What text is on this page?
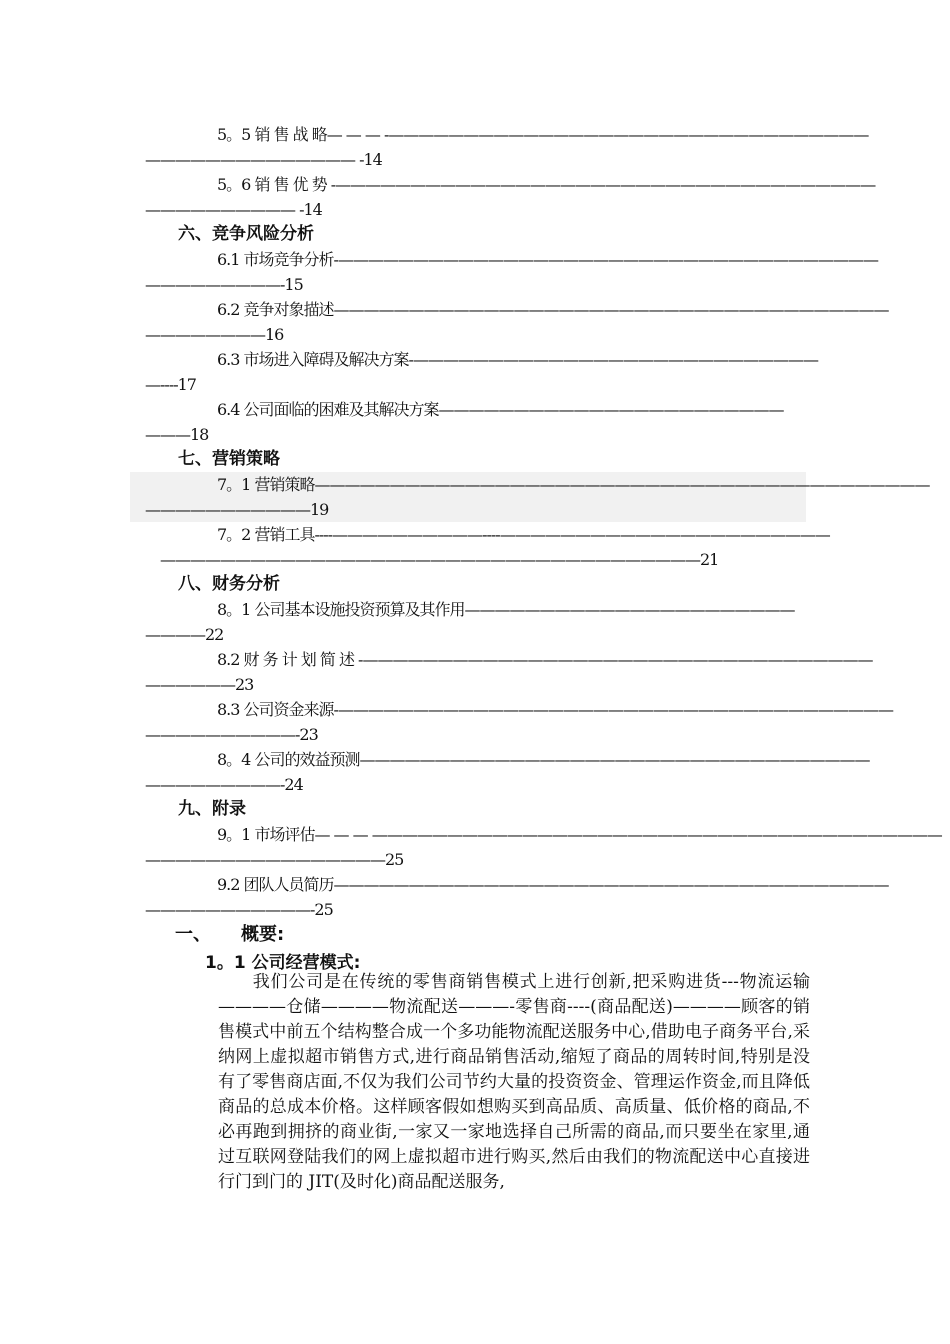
5。5 销 售 战 略— — — -————————————————————————————————
—————————————— -14
5。6 销 售 优 势 -————————————————————————————————————
—————————— -14
六、竞争风险分析
6.1 市场竞争分析-————————————————————————————————————
—————————-15
6.2 竞争对象描述—————————————————————————————————————
————————16
6.3 市场进入障碍及解决方案-———————————————————————————
—----17
6.4 公司面临的困难及其解决方案———————————————————————
———18
七、营销策略
7。1 营销策略—————————————————————————————————————————
———————————19
7。2 营销工具----——————————----——————————————————————
————————————————————————————————————21
八、财务分析
8。1 公司基本设施投资预算及其作用——————————————————————
————22
8.2 财 务 计 划 简 述 -——————————————————————————————————
——————23
8.3 公司资金来源-—————————————————————————————————————
——————————-23
8。4 公司的效益预测——————————————————————————————————
—————————-24
九、附录
9。1 市场评估— — — ——————————————————————————————————————
————————————————25
9.2 团队人员简历—————————————————————————————————————
———————————-25
一、 概要:
1。1 公司经营模式:
我们公司是在传统的零售商销售模式上进行创新,把采购进货---物流运输————仓储————物流配送———-零售商----(商品配送)————顾客的销售模式中前五个结构整合成一个多功能物流配送服务中心,借助电子商务平台,采纳网上虚拟超市销售方式,进行商品销售活动,缩短了商品的周转时间,特别是没有了零售商店面,不仅为我们公司节约大量的投资资金、管理运作资金,而且降低商品的总成本价格。这样顾客假如想购买到高品质、高质量、低价格的商品,不必再跑到拥挤的商业街,一家又一家地选择自己所需的商品,而只要坐在家里,通过互联网登陆我们的网上虚拟超市进行购买,然后由我们的物流配送中心直接进行门到门的 JIT(及时化)商品配送服务,
